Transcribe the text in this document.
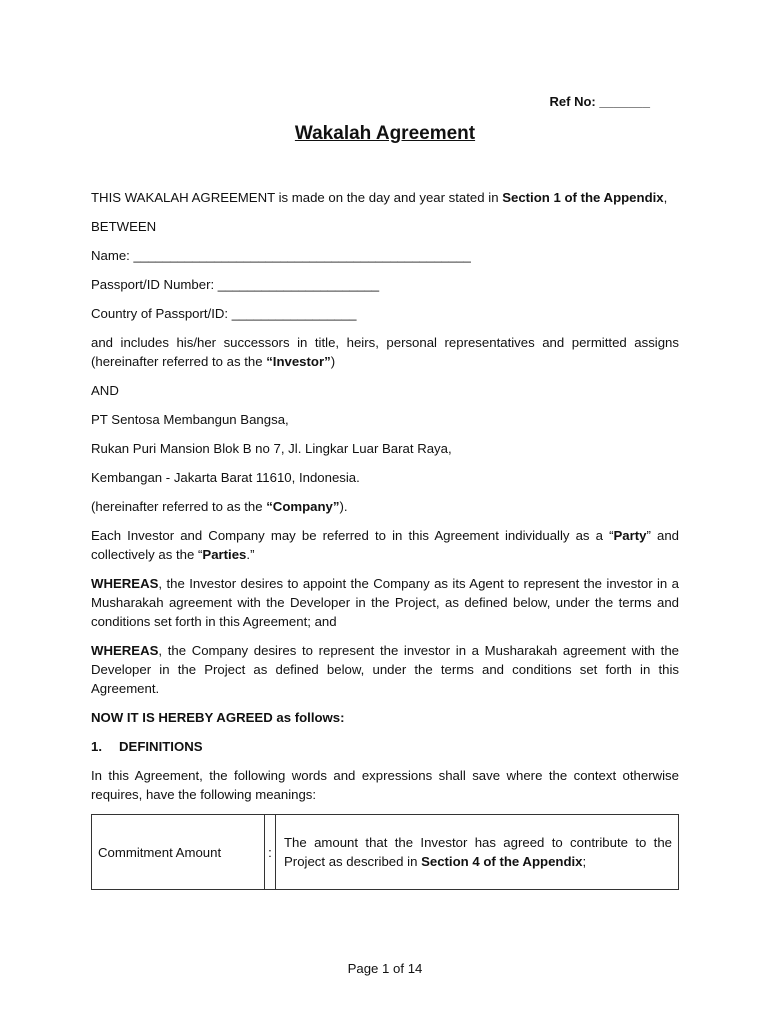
Ref No: _______
Wakalah Agreement

THIS WAKALAH AGREEMENT is made on the day and year stated in Section 1 of the Appendix,

BETWEEN

Name: ______________________________________________

Passport/ID Number: ______________________

Country of Passport/ID: _________________

and includes his/her successors in title, heirs, personal representatives and permitted assigns (hereinafter referred to as the “Investor”)

AND

PT Sentosa Membangun Bangsa,

Rukan Puri Mansion Blok B no 7, Jl. Lingkar Luar Barat Raya,

Kembangan - Jakarta Barat 11610, Indonesia.

(hereinafter referred to as the “Company”).

Each Investor and Company may be referred to in this Agreement individually as a “Party” and collectively as the “Parties.”

WHEREAS, the Investor desires to appoint the Company as its Agent to represent the investor in a Musharakah agreement with the Developer in the Project, as defined below, under the terms and conditions set forth in this Agreement; and

WHEREAS, the Company desires to represent the investor in a Musharakah agreement with the Developer in the Project as defined below, under the terms and conditions set forth in this Agreement.

NOW IT IS HEREBY AGREED as follows:

1. DEFINITIONS

In this Agreement, the following words and expressions shall save where the context otherwise requires, have the following meanings:

Commitment Amount	:	The amount that the Investor has agreed to contribute to the Project as described in Section 4 of the Appendix;
Page 1 of 14
